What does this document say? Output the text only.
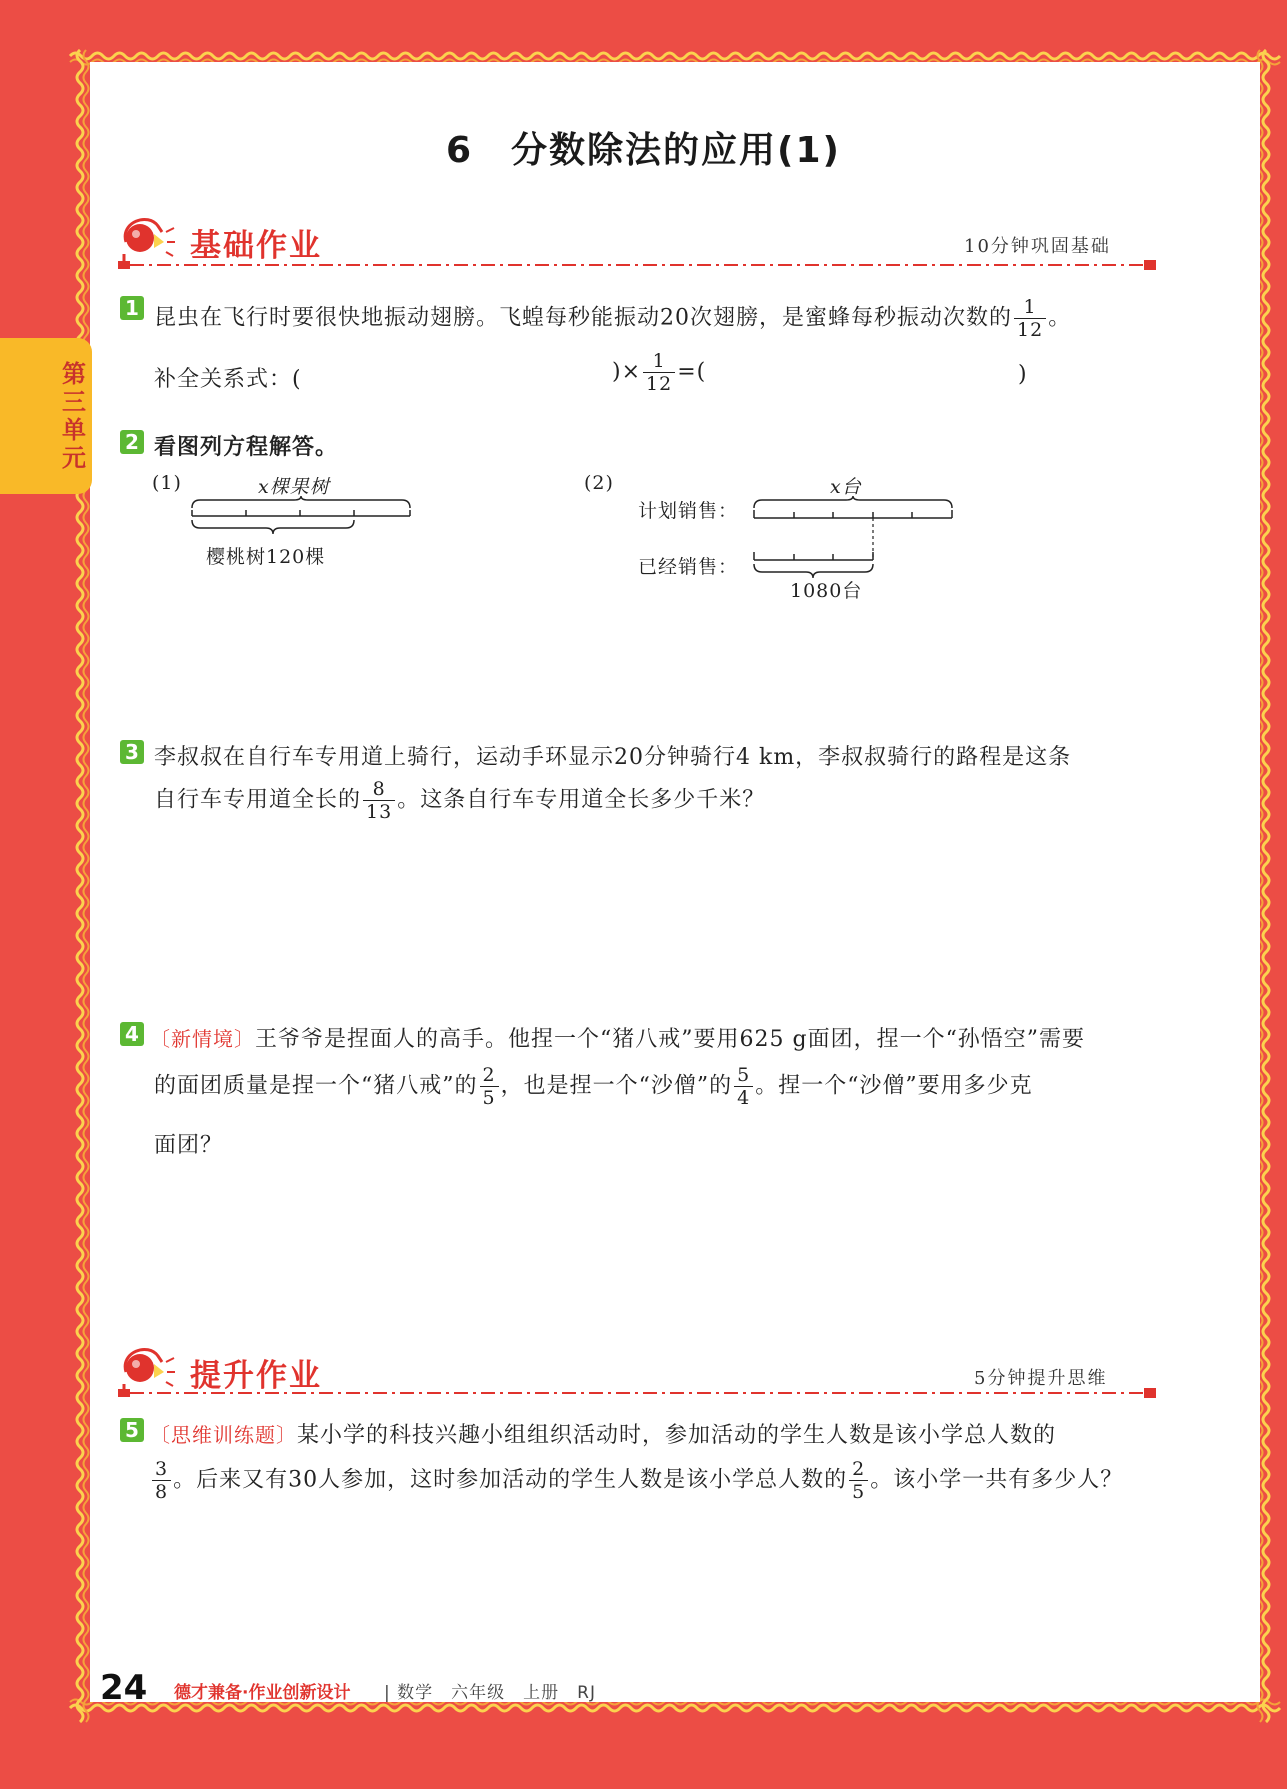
第三单元
6　分数除法的应用(1)
基础作业	10分钟巩固基础
1 昆虫在飞行时要很快地振动翅膀。飞蝗每秒能振动20次翅膀，是蜜蜂每秒振动次数的 $\frac{1}{12}$ 。
补全关系式：(	)× $\frac{1}{12}$ =(	)
2 看图列方程解答。
(1)	x棵果树
樱桃树120棵
(2)	x台
计划销售：
已经销售：
1080台
3 李叔叔在自行车专用道上骑行，运动手环显示20分钟骑行4 km，李叔叔骑行的路程是这条
自行车专用道全长的 $\frac{8}{13}$ 。这条自行车专用道全长多少千米？
4 〔新情境〕王爷爷是捏面人的高手。他捏一个“猪八戒”要用625 g面团，捏一个“孙悟空”需要
的面团质量是捏一个“猪八戒”的 $\frac{2}{5}$ ，也是捏一个“沙僧”的 $\frac{5}{4}$ 。捏一个“沙僧”要用多少克
面团？
提升作业	5分钟提升思维
5 〔思维训练题〕某小学的科技兴趣小组组织活动时，参加活动的学生人数是该小学总人数的
$\frac{3}{8}$ 。后来又有30人参加，这时参加活动的学生人数是该小学总人数的 $\frac{2}{5}$ 。该小学一共有多少人？
24 德才兼备·作业创新设计 | 数学　六年级　上册　RJ
